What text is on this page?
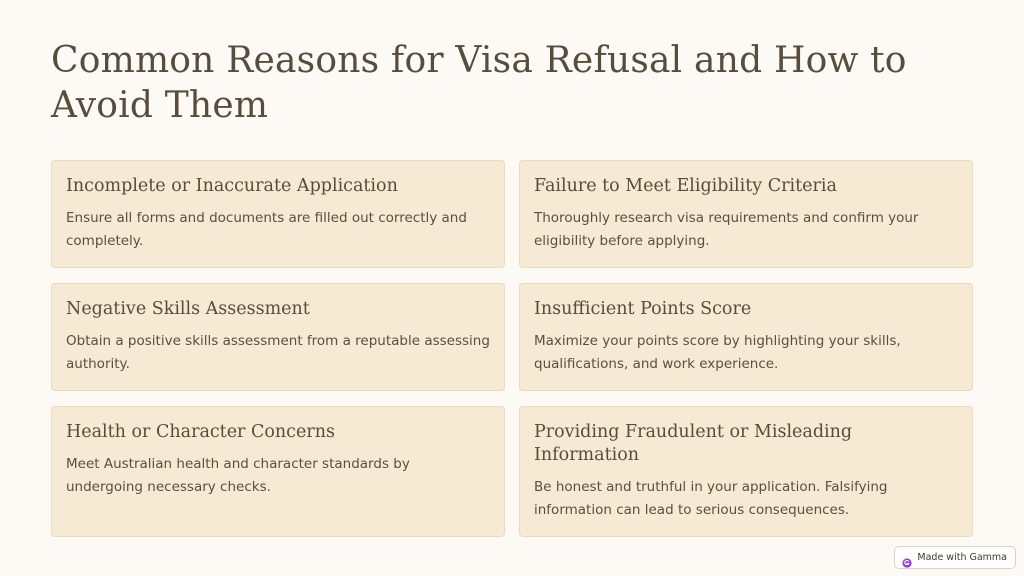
Common Reasons for Visa Refusal and How to Avoid Them
Incomplete or Inaccurate Application

Ensure all forms and documents are filled out correctly and completely.

Failure to Meet Eligibility Criteria

Thoroughly research visa requirements and confirm your eligibility before applying.

Negative Skills Assessment

Obtain a positive skills assessment from a reputable assessing authority.

Insufficient Points Score

Maximize your points score by highlighting your skills, qualifications, and work experience.

Health or Character Concerns

Meet Australian health and character standards by undergoing necessary checks.

Providing Fraudulent or Misleading Information

Be honest and truthful in your application. Falsifying information can lead to serious consequences.

Made with Gamma
